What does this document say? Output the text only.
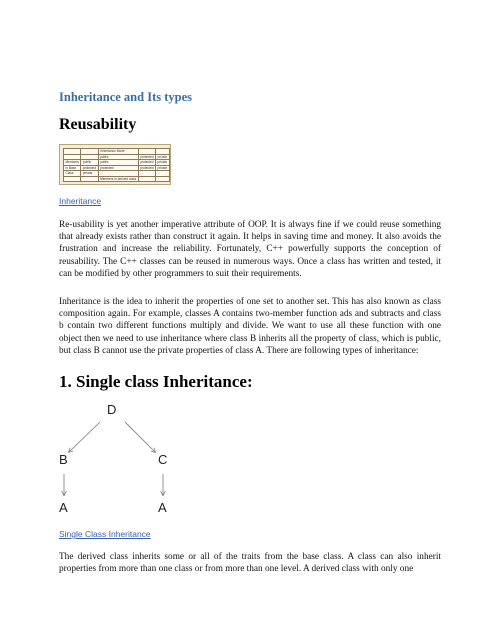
Inheritance and Its types
Reusability
		Inheritance Mode		
		public	protected	private
Members	public	public	protected	private
in Base	protected	protected	protected	private
Class	private	-	-	-
		Members in derived class		
Inheritance

Re-usability is yet another imperative attribute of OOP. It is always fine if we could reuse something that already exists rather than construct it again. It helps in saving time and money. It also avoids the frustration and increase the reliability. Fortunately, C++ powerfully supports the conception of reusability. The C++ classes can be reused in numerous ways. Once a class has written and tested, it can be modified by other programmers to suit their requirements.

Inheritance is the idea to inherit the properties of one set to another set. This has also known as class composition again. For example, classes A contains two-member function ads and subtracts and class b contain two different functions multiply and divide. We want to use all these function with one object then we need to use inheritance where class B inherits all the property of class, which is public, but class B cannot use the private properties of class A. There are following types of inheritance:

1. Single class Inheritance:
D
B	C
A	A
Single Class Inheritance

The derived class inherits some or all of the traits from the base class. A class can also inherit properties from more than one class or from more than one level. A derived class with only one
